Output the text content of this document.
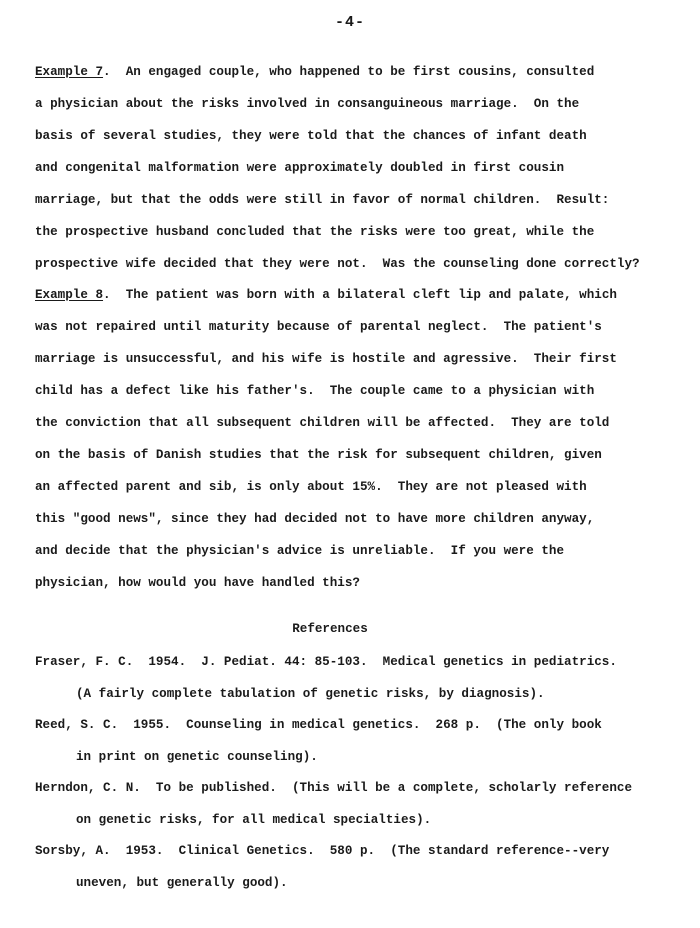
-4-
Example 7.  An engaged couple, who happened to be first cousins, consulted
a physician about the risks involved in consanguineous marriage.  On the
basis of several studies, they were told that the chances of infant death
and congenital malformation were approximately doubled in first cousin
marriage, but that the odds were still in favor of normal children.  Result:
the prospective husband concluded that the risks were too great, while the
prospective wife decided that they were not.  Was the counseling done correctly?
Example 8.  The patient was born with a bilateral cleft lip and palate, which
was not repaired until maturity because of parental neglect.  The patient's
marriage is unsuccessful, and his wife is hostile and agressive.  Their first
child has a defect like his father's.  The couple came to a physician with
the conviction that all subsequent children will be affected.  They are told
on the basis of Danish studies that the risk for subsequent children, given
an affected parent and sib, is only about 15%.  They are not pleased with
this "good news", since they had decided not to have more children anyway,
and decide that the physician's advice is unreliable.  If you were the
physician, how would you have handled this?
References
Fraser, F. C.  1954.  J. Pediat. 44: 85-103.  Medical genetics in pediatrics.
(A fairly complete tabulation of genetic risks, by diagnosis).
Reed, S. C.  1955.  Counseling in medical genetics.  268 p.  (The only book
in print on genetic counseling).
Herndon, C. N.  To be published.  (This will be a complete, scholarly reference
on genetic risks, for all medical specialties).
Sorsby, A.  1953.  Clinical Genetics.  580 p.  (The standard reference--very
uneven, but generally good).
